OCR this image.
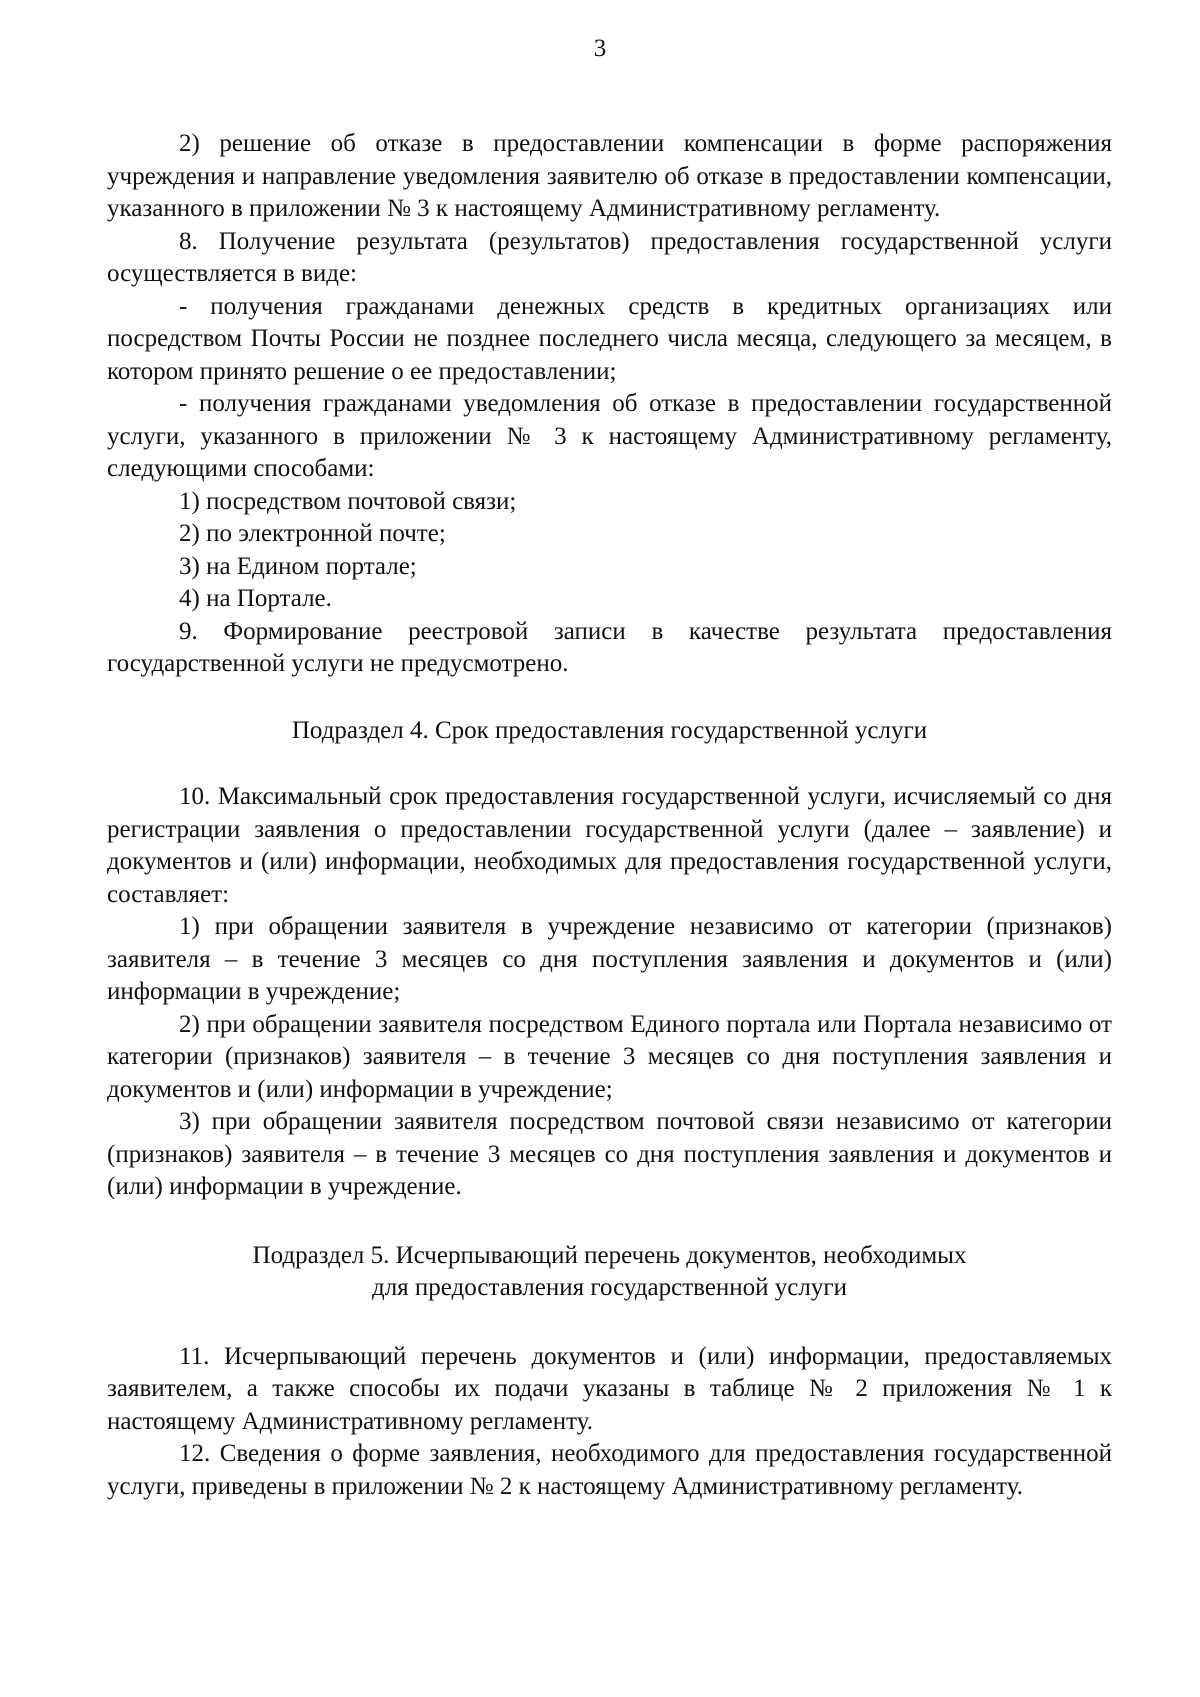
3

2) решение об отказе в предоставлении компенсации в форме распоряжения учреждения и направление уведомления заявителю об отказе в предоставлении компенсации, указанного в приложении № 3 к настоящему Административному регламенту.

8. Получение результата (результатов) предоставления государственной услуги осуществляется в виде:

- получения гражданами денежных средств в кредитных организациях или посредством Почты России не позднее последнего числа месяца, следующего за месяцем, в котором принято решение о ее предоставлении;

- получения гражданами уведомления об отказе в предоставлении государственной услуги, указанного в приложении № 3 к настоящему Административному регламенту, следующими способами:

1) посредством почтовой связи;

2) по электронной почте;

3) на Едином портале;

4) на Портале.

9. Формирование реестровой записи в качестве результата предоставления государственной услуги не предусмотрено.

Подраздел 4. Срок предоставления государственной услуги

10. Максимальный срок предоставления государственной услуги, исчисляемый со дня регистрации заявления о предоставлении государственной услуги (далее – заявление) и документов и (или) информации, необходимых для предоставления государственной услуги, составляет:

1) при обращении заявителя в учреждение независимо от категории (признаков) заявителя – в течение 3 месяцев со дня поступления заявления и документов и (или) информации в учреждение;

2) при обращении заявителя посредством Единого портала или Портала независимо от категории (признаков) заявителя – в течение 3 месяцев со дня поступления заявления и документов и (или) информации в учреждение;

3) при обращении заявителя посредством почтовой связи независимо от категории (признаков) заявителя – в течение 3 месяцев со дня поступления заявления и документов и (или) информации в учреждение.

Подраздел 5. Исчерпывающий перечень документов, необходимых
для предоставления государственной услуги

11. Исчерпывающий перечень документов и (или) информации, предоставляемых заявителем, а также способы их подачи указаны в таблице № 2 приложения № 1 к настоящему Административному регламенту.

12. Сведения о форме заявления, необходимого для предоставления государственной услуги, приведены в приложении № 2 к настоящему Административному регламенту.
